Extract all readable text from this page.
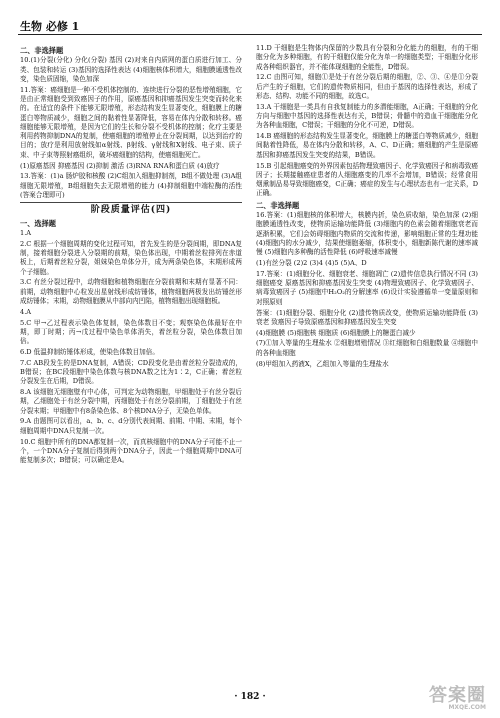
生物 必修 1
二、非选择题

10.(1)分裂(分化) 分化(分裂) 基因 (2)对来自内质网的蛋白质进行加工、分类、包装和转运 (3)基因的选择性表达 (4)细胞核体积增大，细胞膜通透性改变，染色质固缩，染色加深

11.答案：癌细胞是一种不受机体控制的、连续进行分裂的恶性增殖细胞，它是由正常细胞受到致癌因子的作用，原癌基因和抑癌基因发生突变而转化来的。在适宜的条件下能够无限增殖，形态结构发生显著变化，细胞膜上的糖蛋白等物质减少，细胞之间的黏着性显著降低，容易在体内分散和转移。癌细胞能够无限增殖，是因为它们的生长和分裂不受机体的控制；化疗主要是利用药物抑制DNA的复制，使癌细胞的增殖停止在分裂间期，以达到治疗的目的；放疗是利用放射线如α射线、β射线、γ射线和X射线、电子束、质子束、中子束等照射癌组织，破坏癌细胞的结构，使癌细胞死亡。

(1)原癌基因 抑癌基因 (2)抑制 激活 (3)RNA RNA和蛋白质 (4)放疗

13.答案：(1)a 肠炉胶和核酸 (2)C组加入细胞抑制剂，B组不做处理 (3)A组细胞无限增殖，B组细胞失去无限增殖的能力 (4)抑制细胞中端粒酶的活性(答案合理即可)

阶段质量评估(四)
一、选择题

1.A

2.C 根据一个细胞周期的变化过程可知，首先发生的是分裂间期，即DNA复制，接着细胞分裂进入分裂期的前期，染色体出现，中期着丝粒排列在赤道板上，后期着丝粒分裂，姐妹染色单体分开，成为两条染色体，末期形成两个子细胞。

3.C 有丝分裂过程中，动物细胞和植物细胞在分裂前期和末期有显著不同：前期，动物细胞中心粒发出星射线形成纺锤体，植物细胞两极发出纺锤丝形成纺锤体；末期，动物细胞膜从中部向内凹陷，植物细胞出现细胞板。

4.A

5.C 甲→乙过程表示染色体复制，染色体数目不变；观察染色体最好在中期，即丁时期；丙→戊过程中染色单体消失，着丝粒分裂，染色体数目加倍。

6.D 低温抑制纺锤体形成，使染色体数目加倍。

7.C AB段发生的是DNA复制，A错误；CD段变化是由着丝粒分裂造成的，B错误；在BC段细胞中染色体数与核DNA数之比为1∶2，C正确；着丝粒分裂发生在后期，D错误。

8.A 该细胞无细胞壁有中心体，可判定为动物细胞，甲细胞处于有丝分裂后期，乙细胞处于有丝分裂中期，丙细胞处于有丝分裂前期，丁细胞处于有丝分裂末期；甲细胞中有8条染色体、8个核DNA分子，无染色单体。

9.A 由题图可以看出，a、b、c、d分别代表间期、前期、中期、末期，每个细胞周期中DNA只复制一次。

10.C 细胞中所有的DNA都复制一次，而真核细胞中的DNA分子可能不止一个，一个DNA分子复制后得到两个DNA分子，因此一个细胞周期中DNA可能复制多次；B错误；可以确定是A。

11.D 干细胞是生物体内保留的少数具有分裂和分化能力的细胞，有的干细胞分化为多种细胞，有的干细胞仅能分化为单一的细胞类型；干细胞分化形成各种组织器官，并不能体现细胞的全能性，D错误。

12.C 由图可知，细胞①是处于有丝分裂后期的细胞，②、③、④是①分裂后产生的子细胞，它们的遗传物质相同，但由于基因的选择性表达，形成了形态、结构、功能不同的细胞，故选C。

13.A 干细胞是一类具有自我复制能力的多潜能细胞，A正确；干细胞的分化方向与细胞中基因的选择性表达有关，B错误；骨髓中的造血干细胞能分化为各种血细胞，C错误；干细胞的分化不可逆，D错误。

14.B 癌细胞的形态结构发生显著变化，细胞膜上的糖蛋白等物质减少，细胞间黏着性降低，易在体内分散和转移，A、C、D正确；癌细胞的产生是原癌基因和抑癌基因发生突变的结果，B错误。

15.B 引起细胞癌变的外界因素包括物理致癌因子、化学致癌因子和病毒致癌因子；长期接触癌症患者的人细胞癌变的几率不会增加，B错误；经常食用烟熏制品易导致细胞癌变，C正确；癌症的发生与心理状态也有一定关系，D正确。

二、非选择题

16.答案：(1)细胞核的体积增大，核膜内折，染色质收缩，染色加深 (2)细胞膜通透性改变，使物质运输功能降低 (3)细胞内的色素会随着细胞衰老而逐渐积累，它们会妨碍细胞内物质的交流和传递，影响细胞正常的生理功能 (4)细胞内的水分减少，结果使细胞萎缩，体积变小，细胞新陈代谢的速率减慢 (5)细胞内多种酶的活性降低 (6)呼吸速率减慢

(1)有丝分裂 (2)2 (3)4 (4)5 (5)A、D

17.答案：(1)细胞分化、细胞衰老、细胞凋亡 (2)遗传信息执行情况不同 (3)细胞癌变 原癌基因和抑癌基因发生突变 (4)物理致癌因子、化学致癌因子、病毒致癌因子 (5)细胞中H₂O₂的分解速率 (6)设计实验遵循单一变量原则和对照原则

答案：(1)细胞分裂、细胞分化 (2)遗传物质改变，使物质运输功能降低 (3)衰老 致癌因子导致原癌基因和抑癌基因发生突变

(4)细胞膜 (5)细胞核 细胞质 (6)细胞膜上的糖蛋白减少

(7)①加入等量的生理盐水 ②细胞增殖情况 ③红细胞和白细胞数量 ④细胞中的各种血细胞

(8)甲组加入药液X，乙组加入等量的生理盐水

· 182 ·	答案圈
MXQE.COM
